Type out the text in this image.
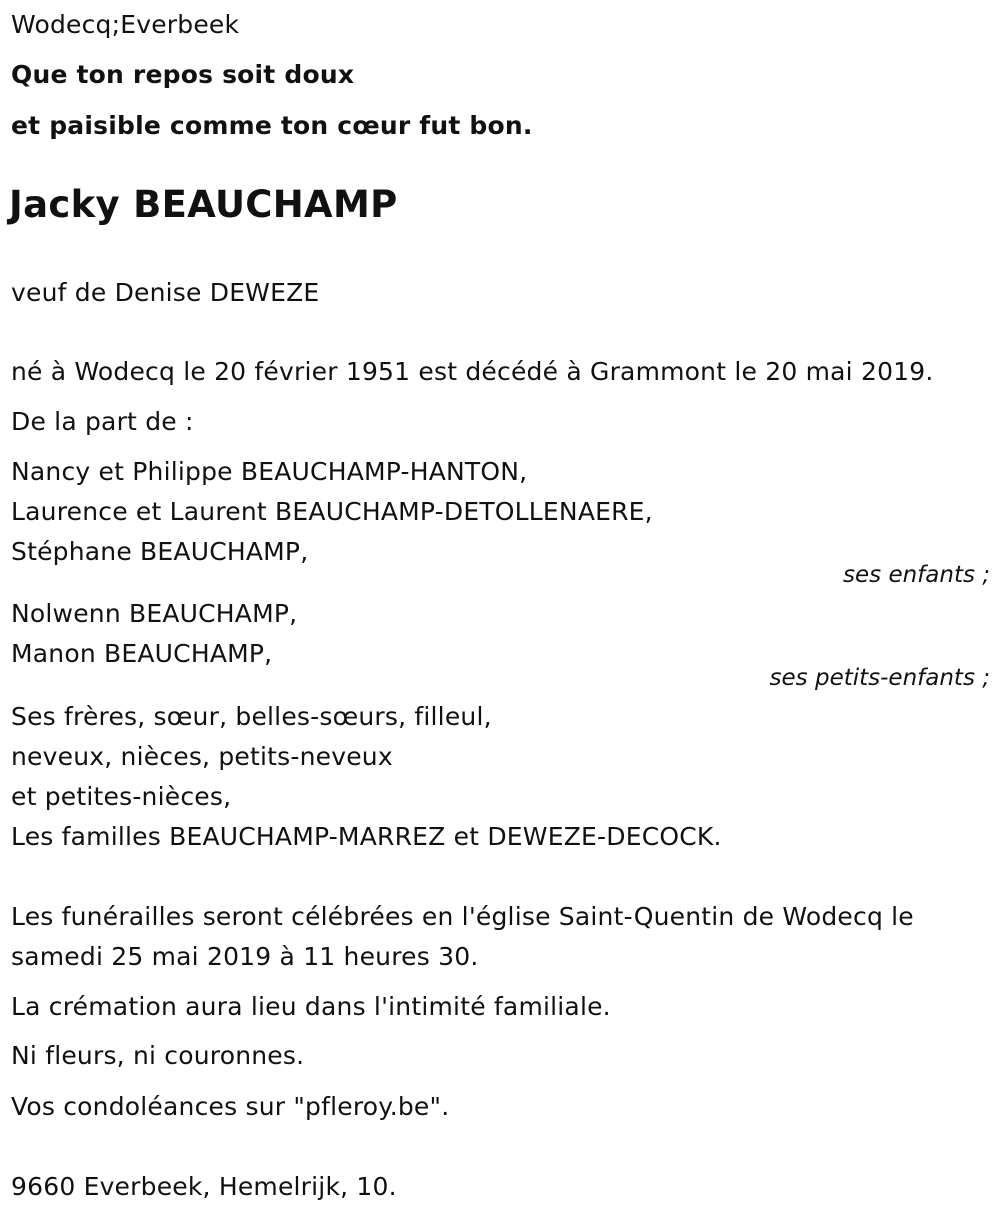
Wodecq;Everbeek
Que ton repos soit doux
et paisible comme ton cœur fut bon.
Jacky BEAUCHAMP
veuf de Denise DEWEZE
né à Wodecq le 20 février 1951 est décédé à Grammont le 20 mai 2019.
De la part de :
Nancy et Philippe BEAUCHAMP-HANTON,
Laurence et Laurent BEAUCHAMP-DETOLLENAERE,
Stéphane BEAUCHAMP,
ses enfants ;
Nolwenn BEAUCHAMP,
Manon BEAUCHAMP,
ses petits-enfants ;
Ses frères, sœur, belles-sœurs, filleul,
neveux, nièces, petits-neveux
et petites-nièces,
Les familles BEAUCHAMP-MARREZ et DEWEZE-DECOCK.
Les funérailles seront célébrées en l'église Saint-Quentin de Wodecq le
samedi 25 mai 2019 à 11 heures 30.
La crémation aura lieu dans l'intimité familiale.
Ni fleurs, ni couronnes.
Vos condoléances sur "pfleroy.be".
9660 Everbeek, Hemelrijk, 10.
